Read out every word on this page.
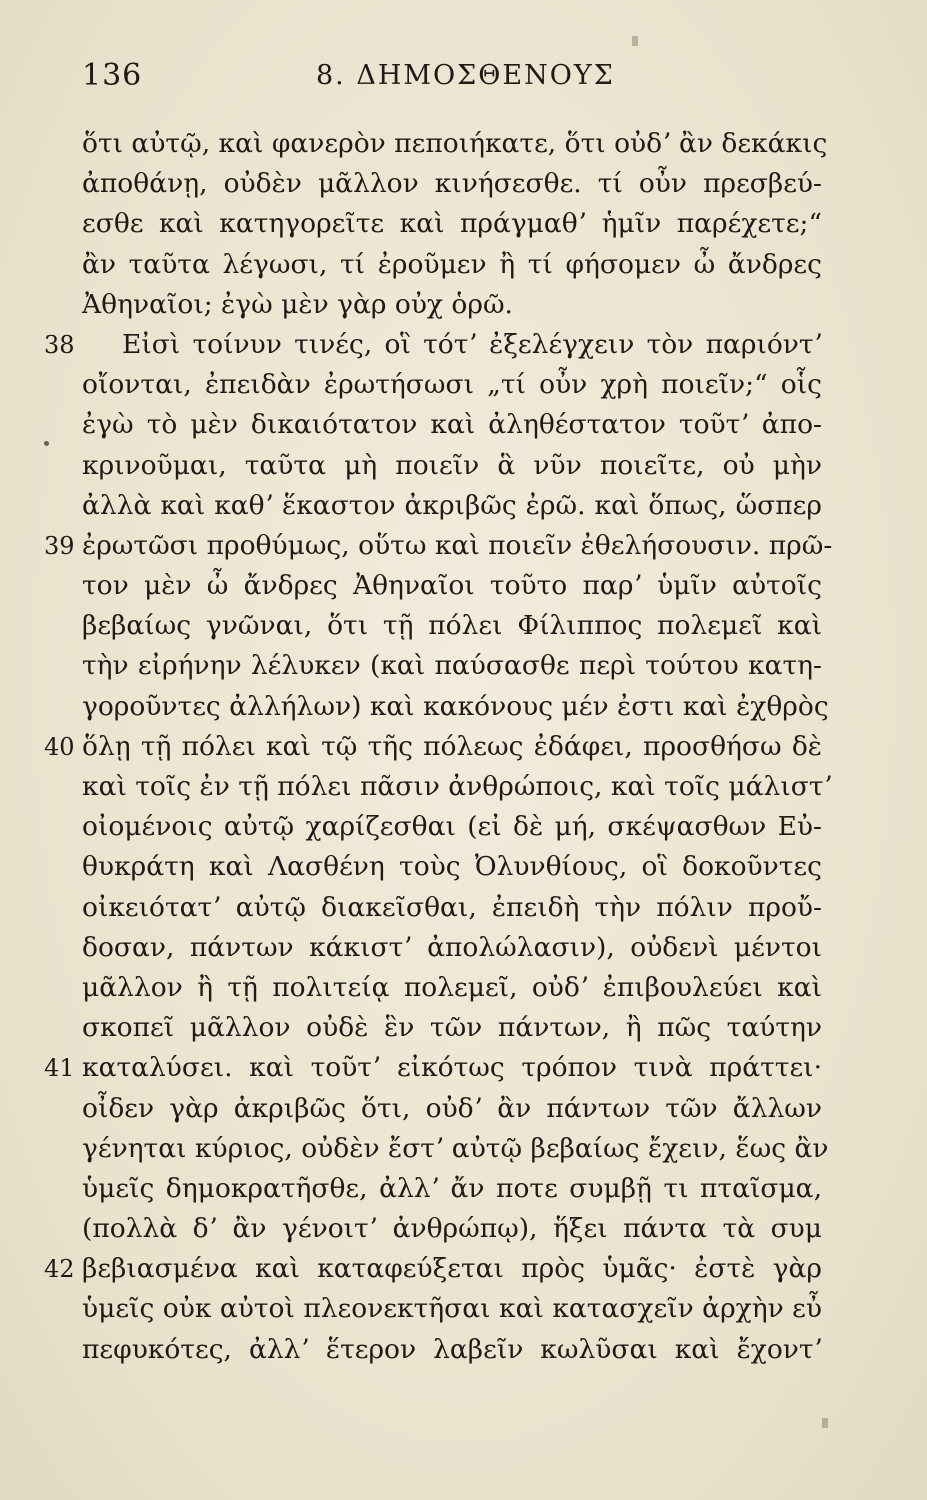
136	8. ΔΗΜΟΣΘΕΝΟΥΣ
ὅτι αὐτῷ, καὶ φανερὸν πεποιήκατε, ὅτι οὐδʼ ἂν δεκάκις
ἀποθάνῃ, οὐδὲν μᾶλλον κινήσεσθε. τί οὖν πρεσβεύ-
εσθε καὶ κατηγορεῖτε καὶ πράγμαθʼ ἡμῖν παρέχετε;“
ἂν ταῦτα λέγωσι, τί ἐροῦμεν ἢ τί φήσομεν ὦ ἄνδρες
Ἀθηναῖοι; ἐγὼ μὲν γὰρ οὐχ ὁρῶ.
38	Εἰσὶ τοίνυν τινές, οἳ τότʼ ἐξελέγχειν τὸν παριόντʼ
οἴονται, ἐπειδὰν ἐρωτήσωσι „τί οὖν χρὴ ποιεῖν;“ οἷς
ἐγὼ τὸ μὲν δικαιότατον καὶ ἀληθέστατον τοῦτʼ ἀπο-
κρινοῦμαι, ταῦτα μὴ ποιεῖν ἃ νῦν ποιεῖτε, οὐ μὴν
ἀλλὰ καὶ καθʼ ἕκαστον ἀκριβῶς ἐρῶ. καὶ ὅπως, ὥσπερ
39 ἐρωτῶσι προθύμως, οὕτω καὶ ποιεῖν ἐθελήσουσιν. πρῶ-
τον μὲν ὦ ἄνδρες Ἀθηναῖοι τοῦτο παρʼ ὑμῖν αὐτοῖς
βεβαίως γνῶναι, ὅτι τῇ πόλει Φίλιππος πολεμεῖ καὶ
τὴν εἰρήνην λέλυκεν (καὶ παύσασθε περὶ τούτου κατη-
γοροῦντες ἀλλήλων) καὶ κακόνους μέν ἐστι καὶ ἐχθρὸς
40 ὅλῃ τῇ πόλει καὶ τῷ τῆς πόλεως ἐδάφει, προσθήσω δὲ
καὶ τοῖς ἐν τῇ πόλει πᾶσιν ἀνθρώποις, καὶ τοῖς μάλιστʼ
οἰομένοις αὐτῷ χαρίζεσθαι (εἰ δὲ μή, σκέψασθων Εὐ-
θυκράτη καὶ Λασθένη τοὺς Ὀλυνθίους, οἳ δοκοῦντες
οἰκειότατʼ αὐτῷ διακεῖσθαι, ἐπειδὴ τὴν πόλιν προὔ-
δοσαν, πάντων κάκιστʼ ἀπολώλασιν), οὐδενὶ μέντοι
μᾶλλον ἢ τῇ πολιτείᾳ πολεμεῖ, οὐδʼ ἐπιβουλεύει καὶ
σκοπεῖ μᾶλλον οὐδὲ ἓν τῶν πάντων, ἢ πῶς ταύτην
41 καταλύσει. καὶ τοῦτʼ εἰκότως τρόπον τινὰ πράττει·
οἶδεν γὰρ ἀκριβῶς ὅτι, οὐδʼ ἂν πάντων τῶν ἄλλων
γένηται κύριος, οὐδὲν ἔστʼ αὐτῷ βεβαίως ἔχειν, ἕως ἂν
ὑμεῖς δημοκρατῆσθε, ἀλλʼ ἄν ποτε συμβῇ τι πταῖσμα,
(πολλὰ δʼ ἂν γένοιτʼ ἀνθρώπῳ), ἥξει πάντα τὰ συμ
42 βεβιασμένα καὶ καταφεύξεται πρὸς ὑμᾶς· ἐστὲ γὰρ
ὑμεῖς οὐκ αὐτοὶ πλεονεκτῆσαι καὶ κατασχεῖν ἀρχὴν εὖ
πεφυκότες, ἀλλʼ ἕτερον λαβεῖν κωλῦσαι καὶ ἔχοντʼ
